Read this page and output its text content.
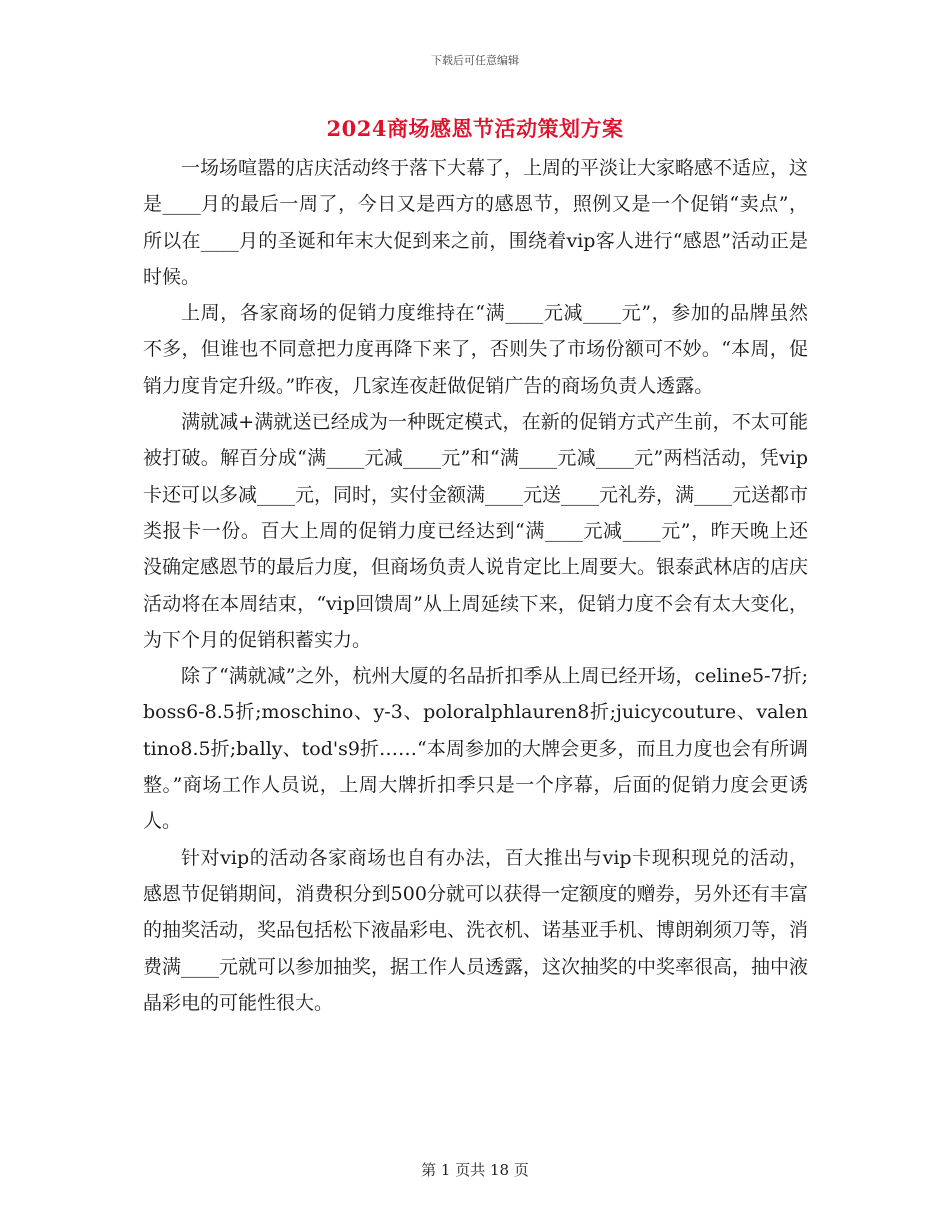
下载后可任意编辑
2024商场感恩节活动策划方案

一场场喧嚣的店庆活动终于落下大幕了，上周的平淡让大家略感不适应，这是____月的最后一周了，今日又是西方的感恩节，照例又是一个促销“卖点”，所以在____月的圣诞和年末大促到来之前，围绕着vip客人进行“感恩”活动正是时候。

上周，各家商场的促销力度维持在“满____元减____元”，参加的品牌虽然不多，但谁也不同意把力度再降下来了，否则失了市场份额可不妙。“本周，促销力度肯定升级。”昨夜，几家连夜赶做促销广告的商场负责人透露。

满就减+满就送已经成为一种既定模式，在新的促销方式产生前，不太可能被打破。解百分成“满____元减____元”和“满____元减____元”两档活动，凭vip卡还可以多减____元，同时，实付金额满____元送____元礼券，满____元送都市类报卡一份。百大上周的促销力度已经达到“满____元减____元”，昨天晚上还没确定感恩节的最后力度，但商场负责人说肯定比上周要大。银泰武林店的店庆活动将在本周结束，“vip回馈周”从上周延续下来，促销力度不会有太大变化，为下个月的促销积蓄实力。

除了“满就减”之外，杭州大厦的名品折扣季从上周已经开场，celine5-7折;boss6-8.5折;moschino、y-3、poloralphlauren8折;juicycouture、valentino8.5折;bally、tod's9折……“本周参加的大牌会更多，而且力度也会有所调整。”商场工作人员说，上周大牌折扣季只是一个序幕，后面的促销力度会更诱人。

针对vip的活动各家商场也自有办法，百大推出与vip卡现积现兑的活动，感恩节促销期间，消费积分到500分就可以获得一定额度的赠券，另外还有丰富的抽奖活动，奖品包括松下液晶彩电、洗衣机、诺基亚手机、博朗剃须刀等，消费满____元就可以参加抽奖，据工作人员透露，这次抽奖的中奖率很高，抽中液晶彩电的可能性很大。

第 1 页共 18 页
